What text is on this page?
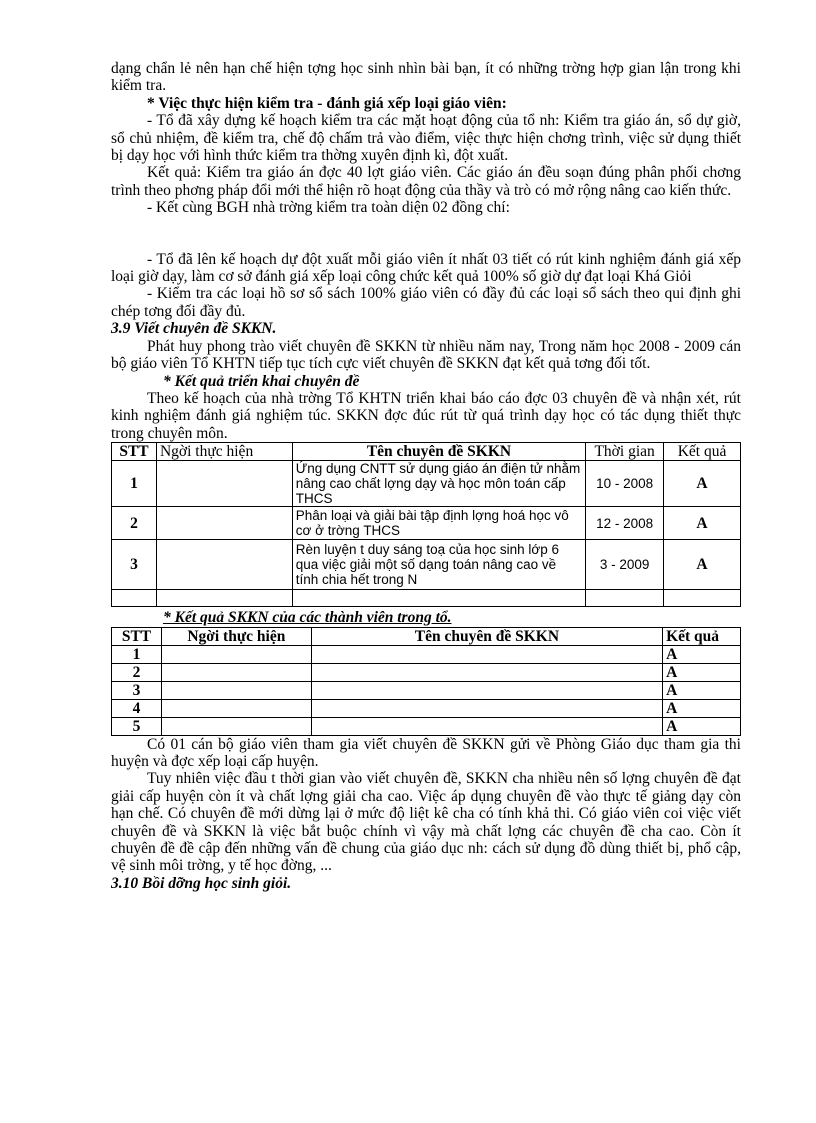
dạng chẩn lẻ nên hạn chế hiện tợng học sinh nhìn bài bạn, ít có những trờng hợp gian lận trong khi kiểm tra.

* Việc thực hiện kiểm tra - đánh giá xếp loại giáo viên:

- Tổ đã xây dựng kế hoạch kiểm tra các mặt hoạt động của tổ nh: Kiểm tra giáo án, sổ dự giờ, sổ chủ nhiệm, đề kiểm tra, chế độ chấm trả vào điểm, việc thực hiện chơng trình, việc sử dụng thiết bị dạy học với hình thức kiểm tra thờng xuyên định kì, đột xuất.

Kết quả: Kiểm tra giáo án đợc 40 lợt giáo viên. Các giáo án đều soạn đúng phân phối chơng trình theo phơng pháp đổi mới thể hiện rõ hoạt động của thầy và trò có mở rộng nâng cao kiến thức.

- Kết cùng BGH nhà trờng kiểm tra toàn diện 02 đồng chí:

- Tổ đã lên kế hoạch dự đột xuất mỗi giáo viên ít nhất 03 tiết có rút kinh nghiệm đánh giá xếp loại giờ dạy, làm cơ sở đánh giá xếp loại công chức kết quả 100% số giờ dự đạt loại Khá Giỏi

- Kiểm tra các loại hồ sơ sổ sách 100% giáo viên có đầy đủ các loại sổ sách theo qui định ghi chép tơng đối đầy đủ.

3.9 Viết chuyên đề SKKN.

Phát huy phong trào viết chuyên đề SKKN từ nhiều năm nay, Trong năm học 2008 - 2009 cán bộ giáo viên Tổ KHTN tiếp tục tích cực viết chuyên đề SKKN đạt kết quả tơng đối tốt.

* Kết quả triển khai chuyên đề

Theo kế hoạch của nhà trờng Tổ KHTN triển khai báo cáo đợc 03 chuyên đề và nhận xét, rút kinh nghiệm đánh giá nghiệm túc. SKKN đợc đúc rút từ quá trình dạy học có tác dụng thiết thực trong chuyên môn.

STT	Ngời thực hiện	Tên chuyên đề SKKN	Thời gian	Kết quả
1		Ứng dụng CNTT sử dụng giáo án điện tử nhằm nâng cao chất lợng dạy và học môn toán cấp THCS	10 - 2008	A
2		Phân loại và giải bài tập định lợng hoá học vô cơ ở trờng THCS	12 - 2008	A
3		Rèn luyện t duy sáng toạ của học sinh lớp 6 qua việc giải một số dạng toán nâng cao về tính chia hết trong N	3 - 2009	A

* Kết quả SKKN của các thành viên trong tổ.

STT	Ngời thực hiện	Tên chuyên đề SKKN	Kết quả
1			A
2			A
3			A
4			A
5			A

Có 01 cán bộ giáo viên tham gia viết chuyên đề SKKN gửi về Phòng Giáo dục tham gia thi huyện và đợc xếp loại cấp huyện.

Tuy nhiên việc đầu t thời gian vào viết chuyên đề, SKKN cha nhiều nên số lợng chuyên đề đạt giải cấp huyện còn ít và chất lợng giải cha cao. Việc áp dụng chuyên đề vào thực tế giảng dạy còn hạn chế. Có chuyên đề mới dừng lại ở mức độ liệt kê cha có tính khả thi. Có giáo viên coi việc viết chuyên đề và SKKN là việc bắt buộc chính vì vậy mà chất lợng các chuyên đề cha cao. Còn ít chuyên đề đề cập đến những vấn đề chung của giáo dục nh: cách sử dụng đồ dùng thiết bị, phổ cập, vệ sinh môi trờng, y tế học đờng, ...

3.10 Bồi dỡng học sinh giỏi.
